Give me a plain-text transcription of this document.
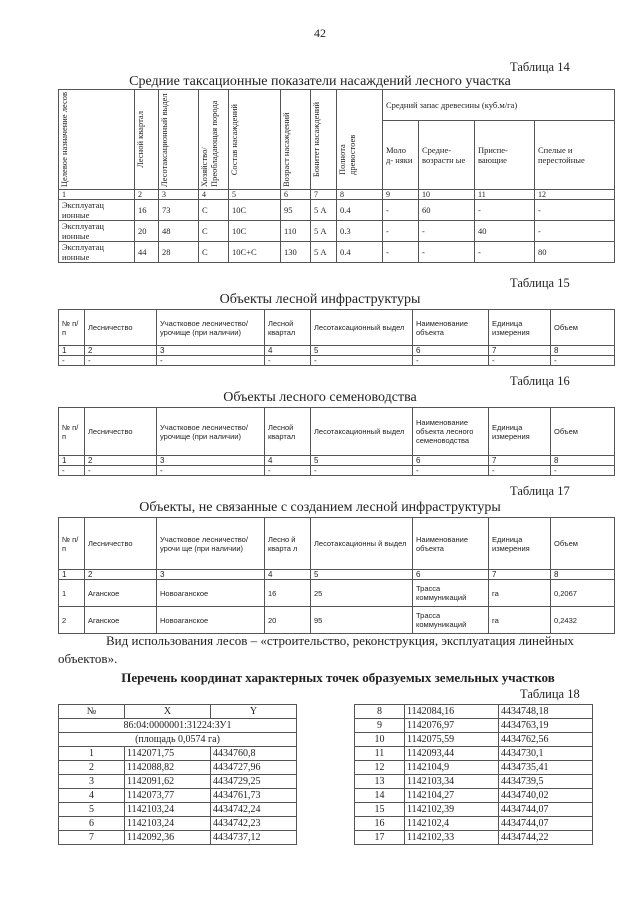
42
Таблица 14
Средние таксационные показатели насаждений лесного участка
Целевое назначение лесов	Лесной квартал	Лесотаксационный выдел	Хозяйство/ Преобладающая порода	Состав насаждений	Возраст насаждений	Бонитет насаждений	Полнота древостоев	Средний запас древесины (куб.м/га)			
								Моло д- няки	Средне- возрастн ые	Приспе- вающие	Спелые и перестойные
1	2	3	4	5	6	7	8	9	10	11	12
Эксплуатац ионные	16	73	С	10С	95	5 А	0.4	-	60	-	-
Эксплуатац ионные	20	48	С	10С	110	5 А	0.3	-	-	40	-
Эксплуатац ионные	44	28	С	10С+С	130	5 А	0.4	-	-	-	80
Таблица 15
Объекты лесной инфраструктуры
№ п/п	Лесничество	Участковое лесничество/урочище (при наличии)	Лесной квартал	Лесотаксационный выдел	Наименование объекта	Единица измерения	Объем
1	2	3	4	5	6	7	8
-	-	-	-	-	-	-	-
Таблица 16
Объекты лесного семеноводства
№ п/п	Лесничество	Участковое лесничество/урочище (при наличии)	Лесной квартал	Лесотаксационный выдел	Наименование объекта лесного семеноводства	Единица измерения	Объем
1	2	3	4	5	6	7	8
-	-	-	-	-	-	-	-
Таблица 17
Объекты, не связанные с созданием лесной инфраструктуры
№ п/п	Лесничество	Участковое лесничество/урочи ще (при наличии)	Лесно й кварта л	Лесотаксационны й выдел	Наименование объекта	Единица измерения	Объем
1	2	3	4	5	6	7	8
1	Аганское	Новоаганское	16	25	Трасса коммуникаций	га	0,2067
2	Аганское	Новоаганское	20	95	Трасса коммуникаций	га	0,2432
Вид использования лесов – «строительство, реконструкция, эксплуатация линейных объектов».
Перечень координат характерных точек образуемых земельных участков
Таблица 18
№	X	Y
86:04:0000001:31224:ЗУ1		
(площадь 0,0574 га)		
1	1142071,75	4434760,8
2	1142088,82	4434727,96
3	1142091,62	4434729,25
4	1142073,77	4434761,73
5	1142103,24	4434742,24
6	1142103,24	4434742,23
7	1142092,36	4434737,12
8	1142084,16	4434748,18
9	1142076,97	4434763,19
10	1142075,59	4434762,56
11	1142093,44	4434730,1
12	1142104,9	4434735,41
13	1142103,34	4434739,5
14	1142104,27	4434740,02
15	1142102,39	4434744,07
16	1142102,4	4434744,07
17	1142102,33	4434744,22
